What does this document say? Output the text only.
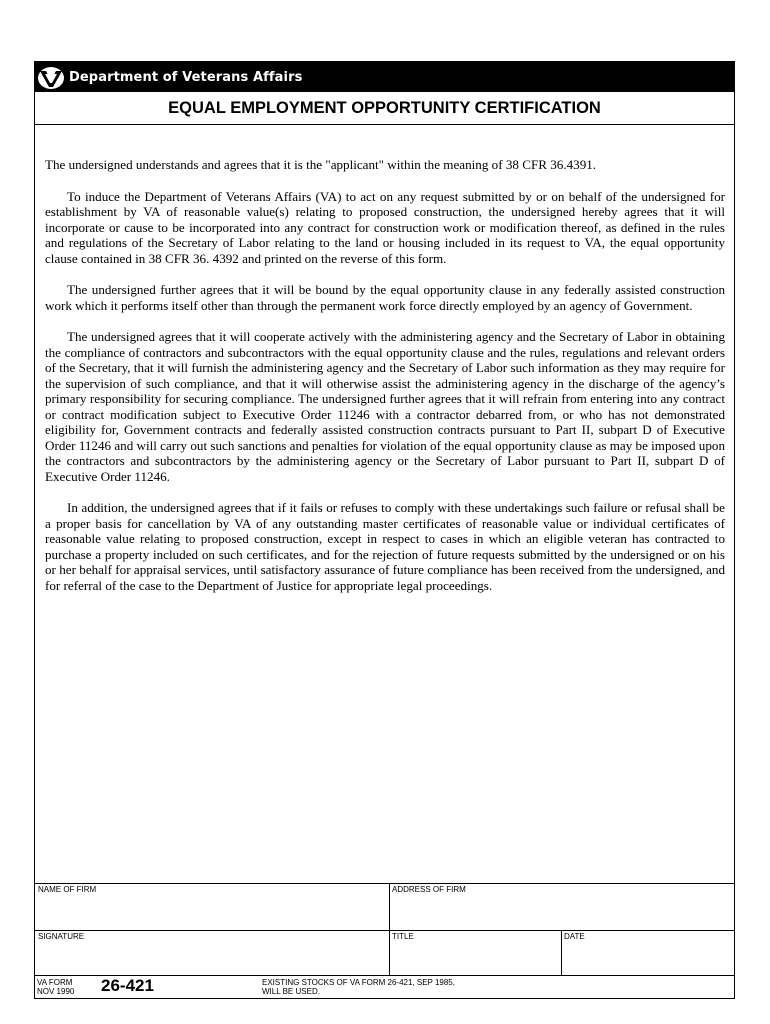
Department of Veterans Affairs
EQUAL EMPLOYMENT OPPORTUNITY CERTIFICATION

The undersigned understands and agrees that it is the "applicant" within the meaning of 38 CFR 36.4391.

To induce the Department of Veterans Affairs (VA) to act on any request submitted by or on behalf of the undersigned for establishment by VA of reasonable value(s) relating to proposed construction, the undersigned hereby agrees that it will incorporate or cause to be incorporated into any contract for construction work or modification thereof, as defined in the rules and regulations of the Secretary of Labor relating to the land or housing included in its request to VA, the equal opportunity clause contained in 38 CFR 36. 4392 and printed on the reverse of this form.

The undersigned further agrees that it will be bound by the equal opportunity clause in any federally assisted construction work which it performs itself other than through the permanent work force directly employed by an agency of Government.

The undersigned agrees that it will cooperate actively with the administering agency and the Secretary of Labor in obtaining the compliance of contractors and subcontractors with the equal opportunity clause and the rules, regulations and relevant orders of the Secretary, that it will furnish the administering agency and the Secretary of Labor such information as they may require for the supervision of such compliance, and that it will otherwise assist the administering agency in the discharge of the agency’s primary responsibility for securing compliance. The undersigned further agrees that it will refrain from entering into any contract or contract modification subject to Executive Order 11246 with a contractor debarred from, or who has not demonstrated eligibility for, Government contracts and federally assisted construction contracts pursuant to Part II, subpart D of Executive Order 11246 and will carry out such sanctions and penalties for violation of the equal opportunity clause as may be imposed upon the contractors and subcontractors by the administering agency or the Secretary of Labor pursuant to Part II, subpart D of Executive Order 11246.

In addition, the undersigned agrees that if it fails or refuses to comply with these undertakings such failure or refusal shall be a proper basis for cancellation by VA of any outstanding master certificates of reasonable value or individual certificates of reasonable value relating to proposed construction, except in respect to cases in which an eligible veteran has contracted to purchase a property included on such certificates, and for the rejection of future requests submitted by the undersigned or on his or her behalf for appraisal services, until satisfactory assurance of future compliance has been received from the undersigned, and for referral of the case to the Department of Justice for appropriate legal proceedings.

NAME OF FIRM	ADDRESS OF FIRM
SIGNATURE	TITLE	DATE
VA FORM
NOV 1990 26-421	EXISTING STOCKS OF VA FORM 26-421, SEP 1985,
WILL BE USED.
